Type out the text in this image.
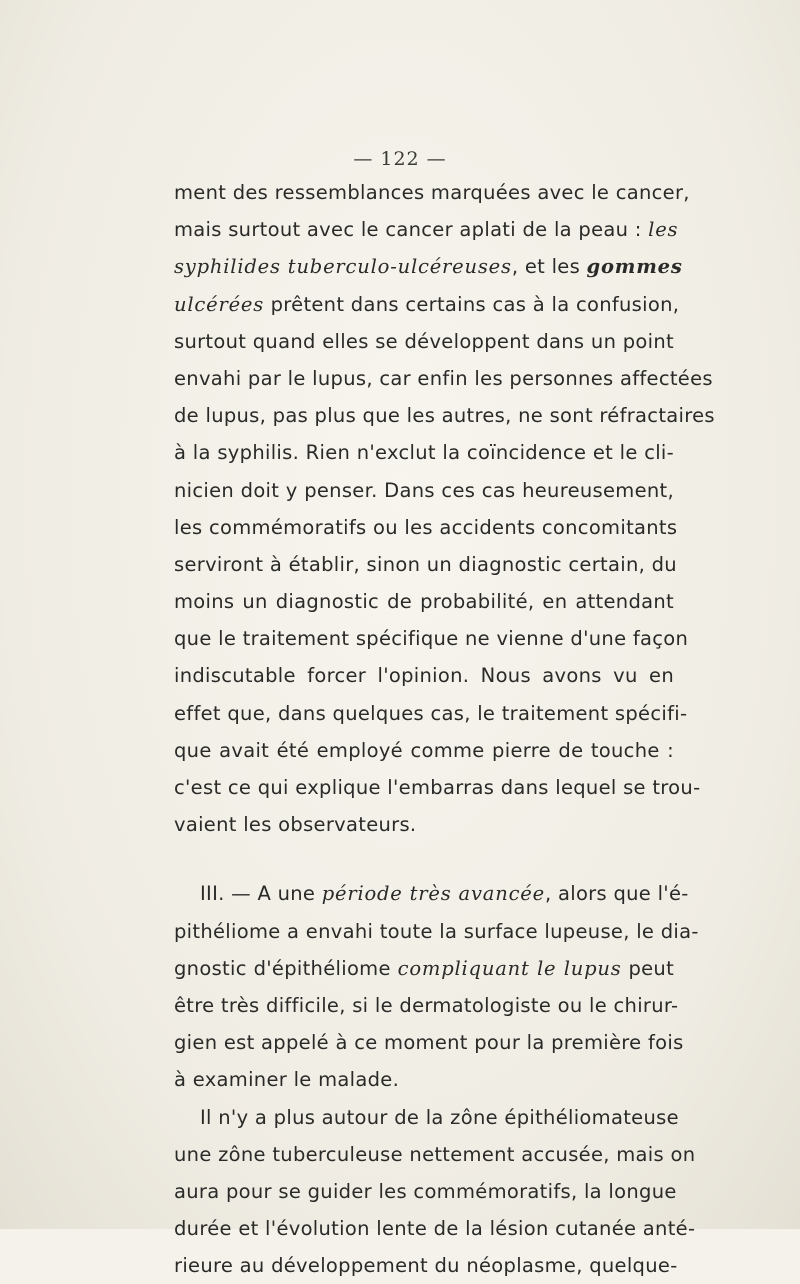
— 122 —
ment des ressemblances marquées avec le cancer,
mais surtout avec le cancer aplati de la peau : les
syphilides tuberculo-ulcéreuses, et les gommes
ulcérées prêtent dans certains cas à la confusion,
surtout quand elles se développent dans un point
envahi par le lupus, car enfin les personnes affectées
de lupus, pas plus que les autres, ne sont réfractaires
à la syphilis. Rien n'exclut la coïncidence et le cli-
nicien doit y penser. Dans ces cas heureusement,
les commémoratifs ou les accidents concomitants
serviront à établir, sinon un diagnostic certain, du
moins un diagnostic de probabilité, en attendant
que le traitement spécifique ne vienne d'une façon
indiscutable forcer l'opinion. Nous avons vu en
effet que, dans quelques cas, le traitement spécifi-
que avait été employé comme pierre de touche :
c'est ce qui explique l'embarras dans lequel se trou-
vaient les observateurs.
III. — A une période très avancée, alors que l'é-
pithéliome a envahi toute la surface lupeuse, le dia-
gnostic d'épithéliome compliquant le lupus peut
être très difficile, si le dermatologiste ou le chirur-
gien est appelé à ce moment pour la première fois
à examiner le malade.
Il n'y a plus autour de la zône épithéliomateuse
une zône tuberculeuse nettement accusée, mais on
aura pour se guider les commémoratifs, la longue
durée et l'évolution lente de la lésion cutanée anté-
rieure au développement du néoplasme, quelque-
